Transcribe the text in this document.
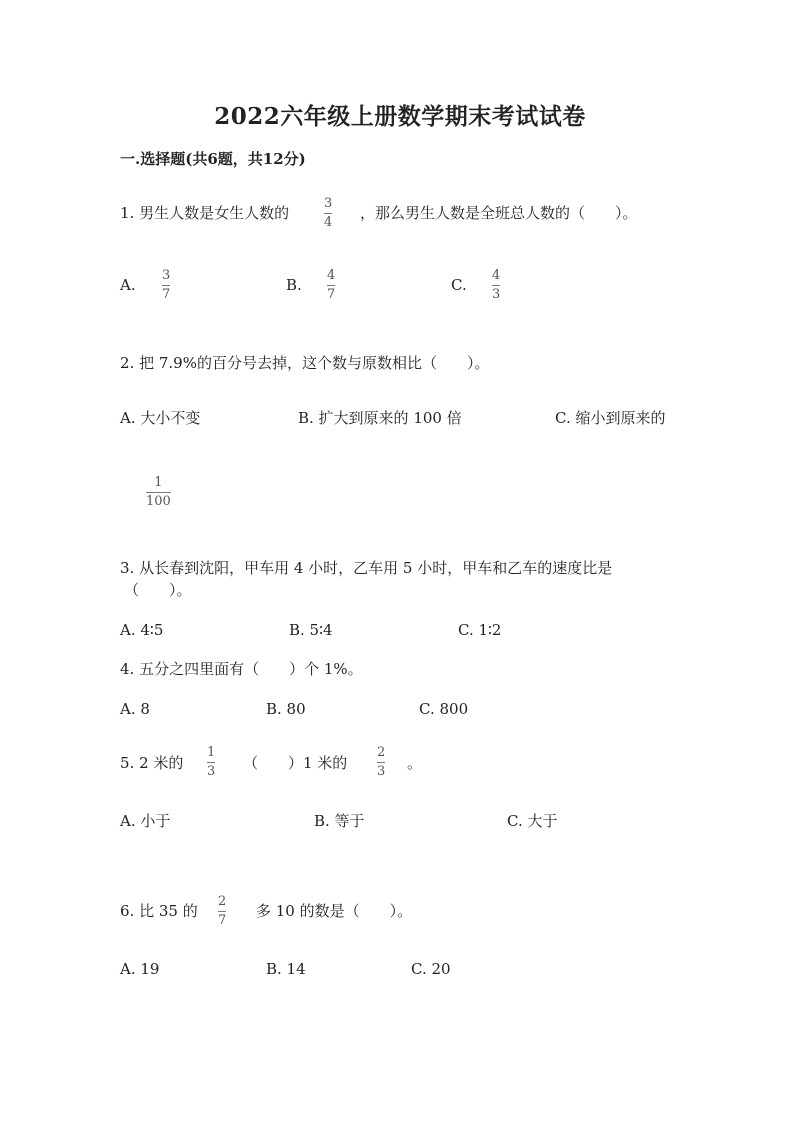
2022六年级上册数学期末考试试卷
一.选择题(共6题，共12分)
1. 男生人数是女生人数的
3
4
，那么男生人数是全班总人数的（　　）。
A.
3
7
B.
4
7
C.
4
3
2. 把 7.9%的百分号去掉，这个数与原数相比（　　）。
A. 大小不变	B. 扩大到原来的 100 倍	C. 缩小到原来的
1
100
3. 从长春到沈阳，甲车用 4 小时，乙车用 5 小时，甲车和乙车的速度比是
（　　）。
A. 4∶5	B. 5∶4	C. 1∶2
4. 五分之四里面有（　　）个 1%。
A. 8	B. 80	C. 800
5. 2 米的
1
3 （　　）1 米的
2
3 。
A. 小于	B. 等于	C. 大于
6. 比 35 的
2
7
多 10 的数是（　　）。
A. 19	B. 14	C. 20
